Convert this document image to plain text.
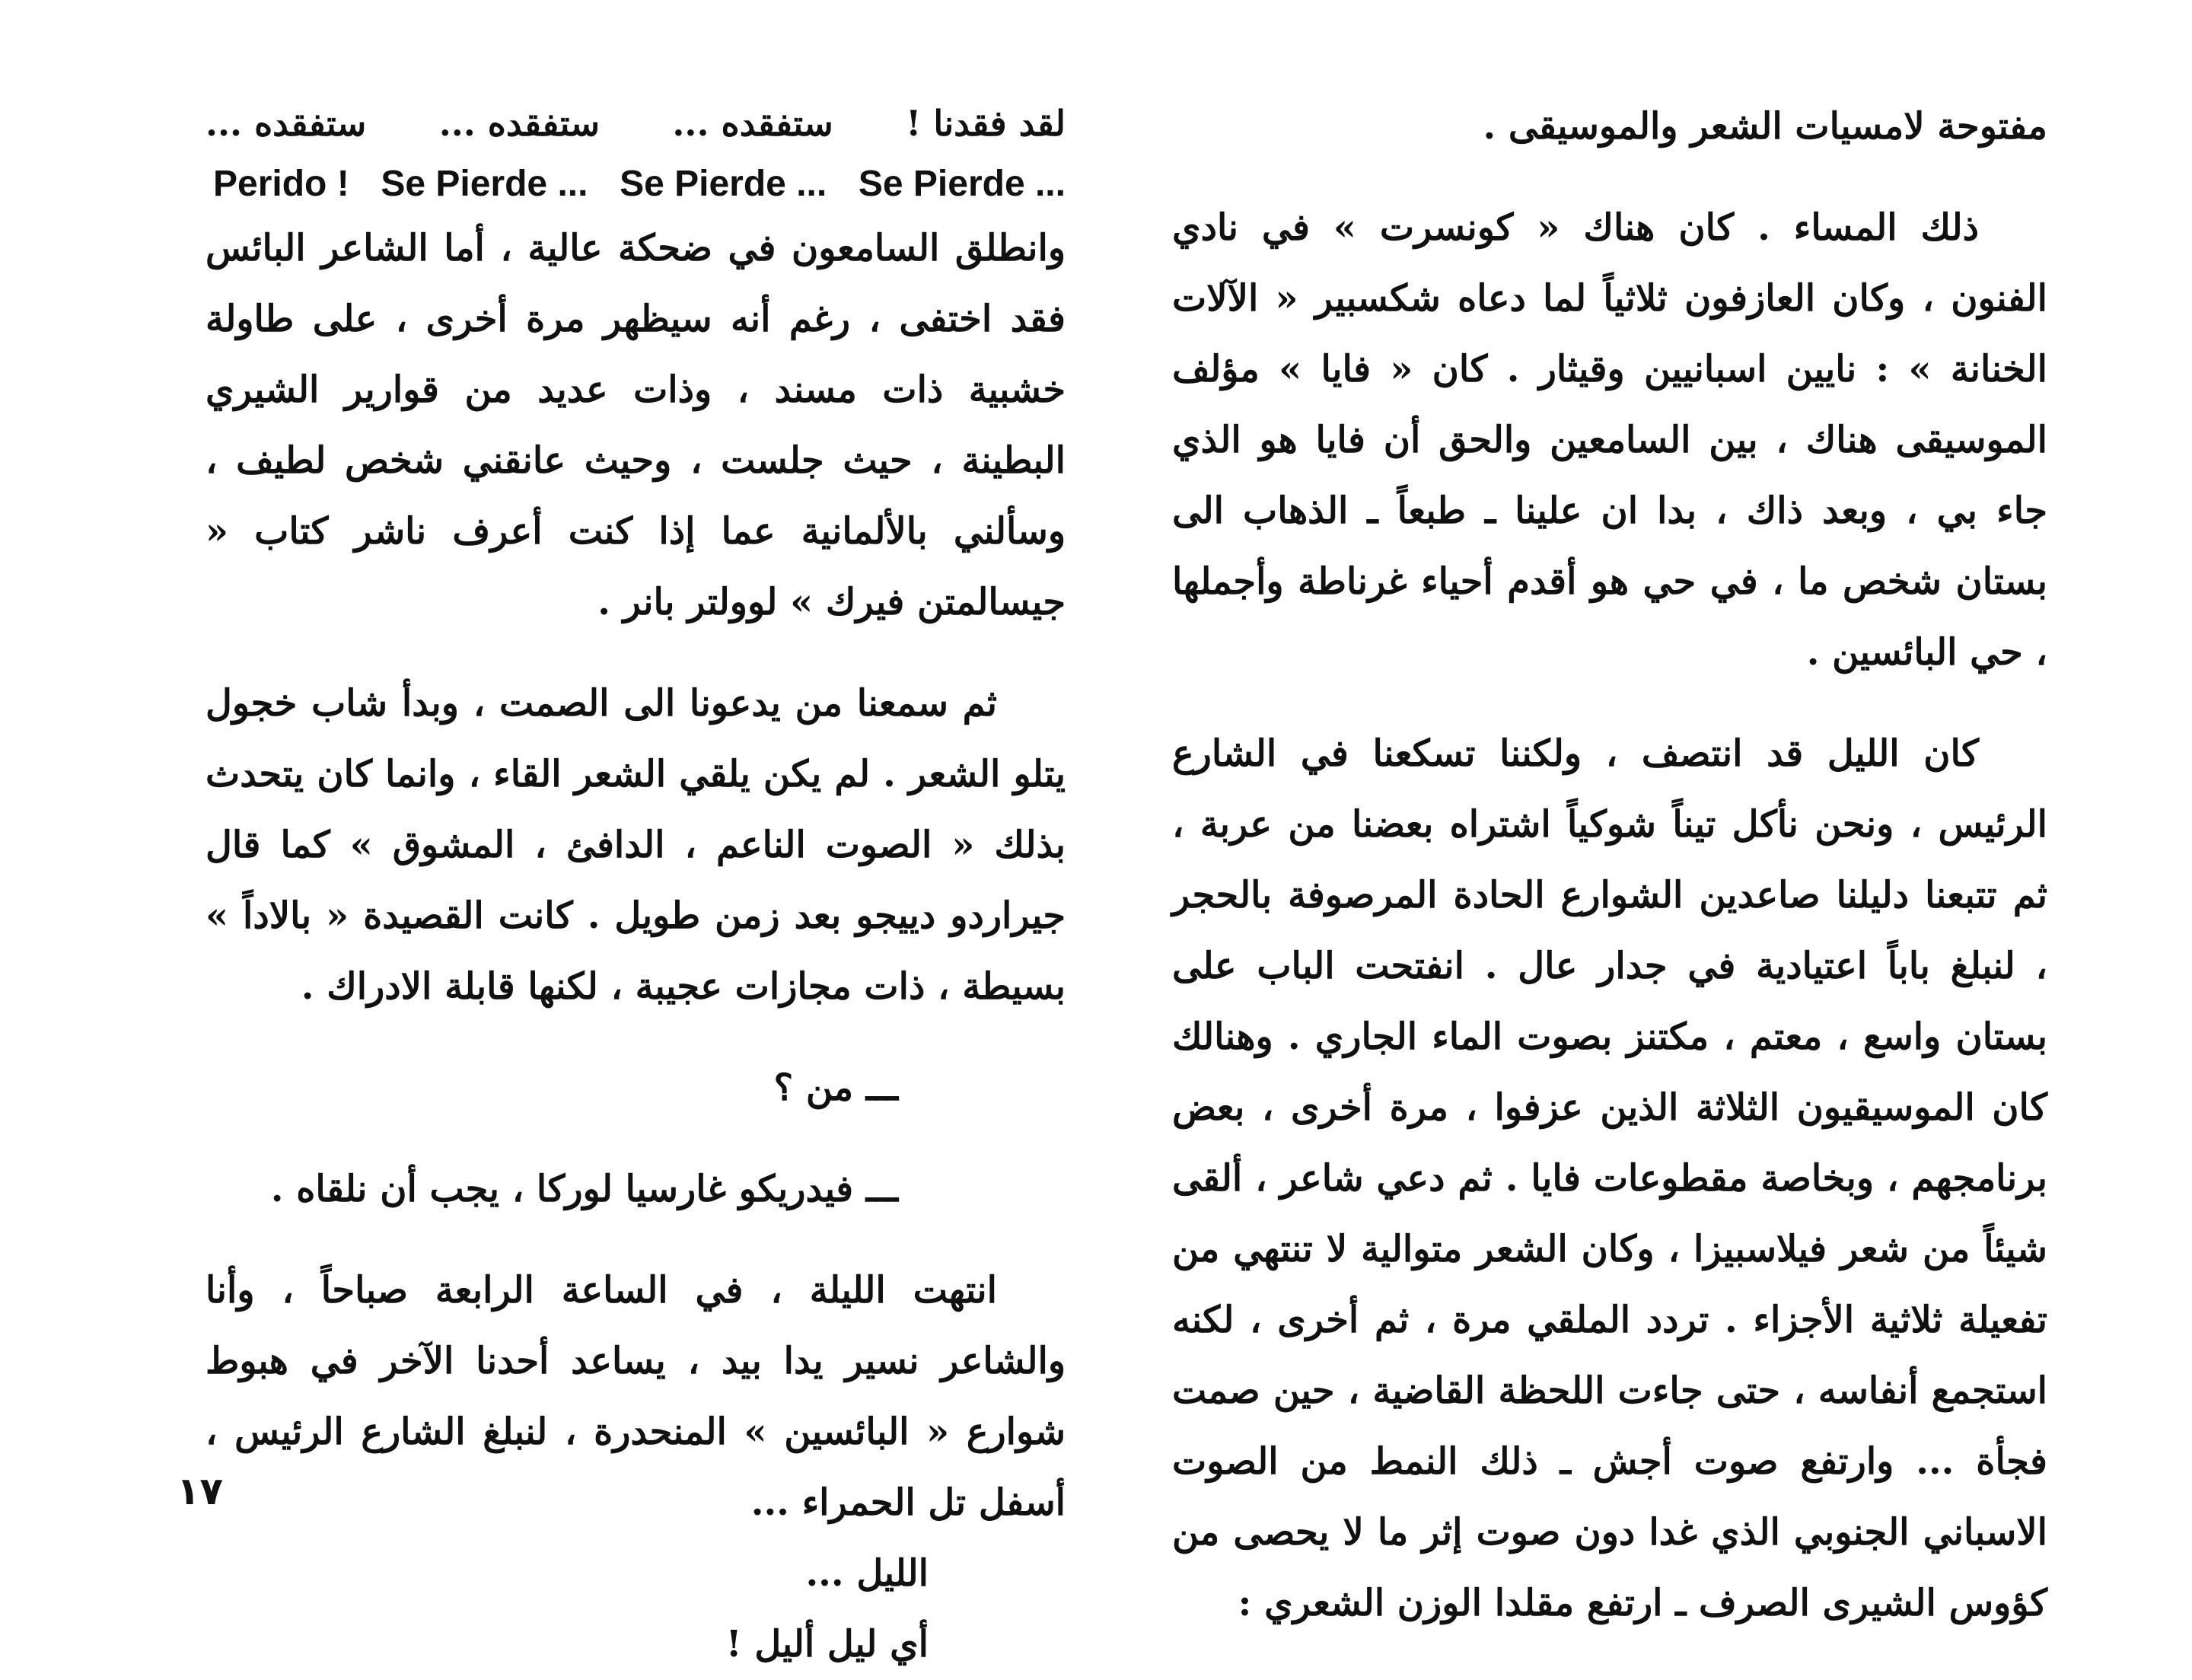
لقد فقدنا !
ستفقده ...
ستفقده ...
ستفقده ...
Perido ! Se Pierde ... Se Pierde ... Se Pierde ...

وانطلق السامعون في ضحكة عالية ، أما الشاعر البائس فقد اختفى ، رغم أنه سيظهر مرة أخرى ، على طاولة خشبية ذات مسند ، وذات عديد من قوارير الشيري البطينة ، حيث جلست ، وحيث عانقني شخص لطيف ، وسألني بالألمانية عما إذا كنت أعرف ناشر كتاب « جيسالمتن فيرك » لوولتر بانر .

ثم سمعنا من يدعونا الى الصمت ، وبدأ شاب خجول يتلو الشعر . لم يكن يلقي الشعر القاء ، وانما كان يتحدث بذلك « الصوت الناعم ، الدافئ ، المشوق » كما قال جيراردو دييجو بعد زمن طويل . كانت القصيدة « بالاداً » بسيطة ، ذات مجازات عجيبة ، لكنها قابلة الادراك .

ـــ من ؟

ـــ فيدريكو غارسيا لوركا ، يجب أن نلقاه .

انتهت الليلة ، في الساعة الرابعة صباحاً ، وأنا والشاعر نسير يدا بيد ، يساعد أحدنا الآخر في هبوط شوارع « البائسين » المنحدرة ، لنبلغ الشارع الرئيس ، أسفل تل الحمراء ...

الليل ...

أي ليل أليل !

١٧

مفتوحة لامسيات الشعر والموسيقى .

ذلك المساء . كان هناك « كونسرت » في نادي الفنون ، وكان العازفون ثلاثياً لما دعاه شكسبير « الآلات الخنانة » : نايين اسبانيين وقيثار . كان « فايا » مؤلف الموسيقى هناك ، بين السامعين والحق أن فايا هو الذي جاء بي ، وبعد ذاك ، بدا ان علينا ـ طبعاً ـ الذهاب الى بستان شخص ما ، في حي هو أقدم أحياء غرناطة وأجملها ، حي البائسين .

كان الليل قد انتصف ، ولكننا تسكعنا في الشارع الرئيس ، ونحن نأكل تيناً شوكياً اشتراه بعضنا من عربة ، ثم تتبعنا دليلنا صاعدين الشوارع الحادة المرصوفة بالحجر ، لنبلغ باباً اعتيادية في جدار عال . انفتحت الباب على بستان واسع ، معتم ، مكتنز بصوت الماء الجاري . وهنالك كان الموسيقيون الثلاثة الذين عزفوا ، مرة أخرى ، بعض برنامجهم ، وبخاصة مقطوعات فايا . ثم دعي شاعر ، ألقى شيئاً من شعر فيلاسبيزا ، وكان الشعر متوالية لا تنتهي من تفعيلة ثلاثية الأجزاء . تردد الملقي مرة ، ثم أخرى ، لكنه استجمع أنفاسه ، حتى جاءت اللحظة القاضية ، حين صمت فجأة ... وارتفع صوت أجش ـ ذلك النمط من الصوت الاسباني الجنوبي الذي غدا دون صوت إثر ما لا يحصى من كؤوس الشيرى الصرف ـ ارتفع مقلدا الوزن الشعري :
